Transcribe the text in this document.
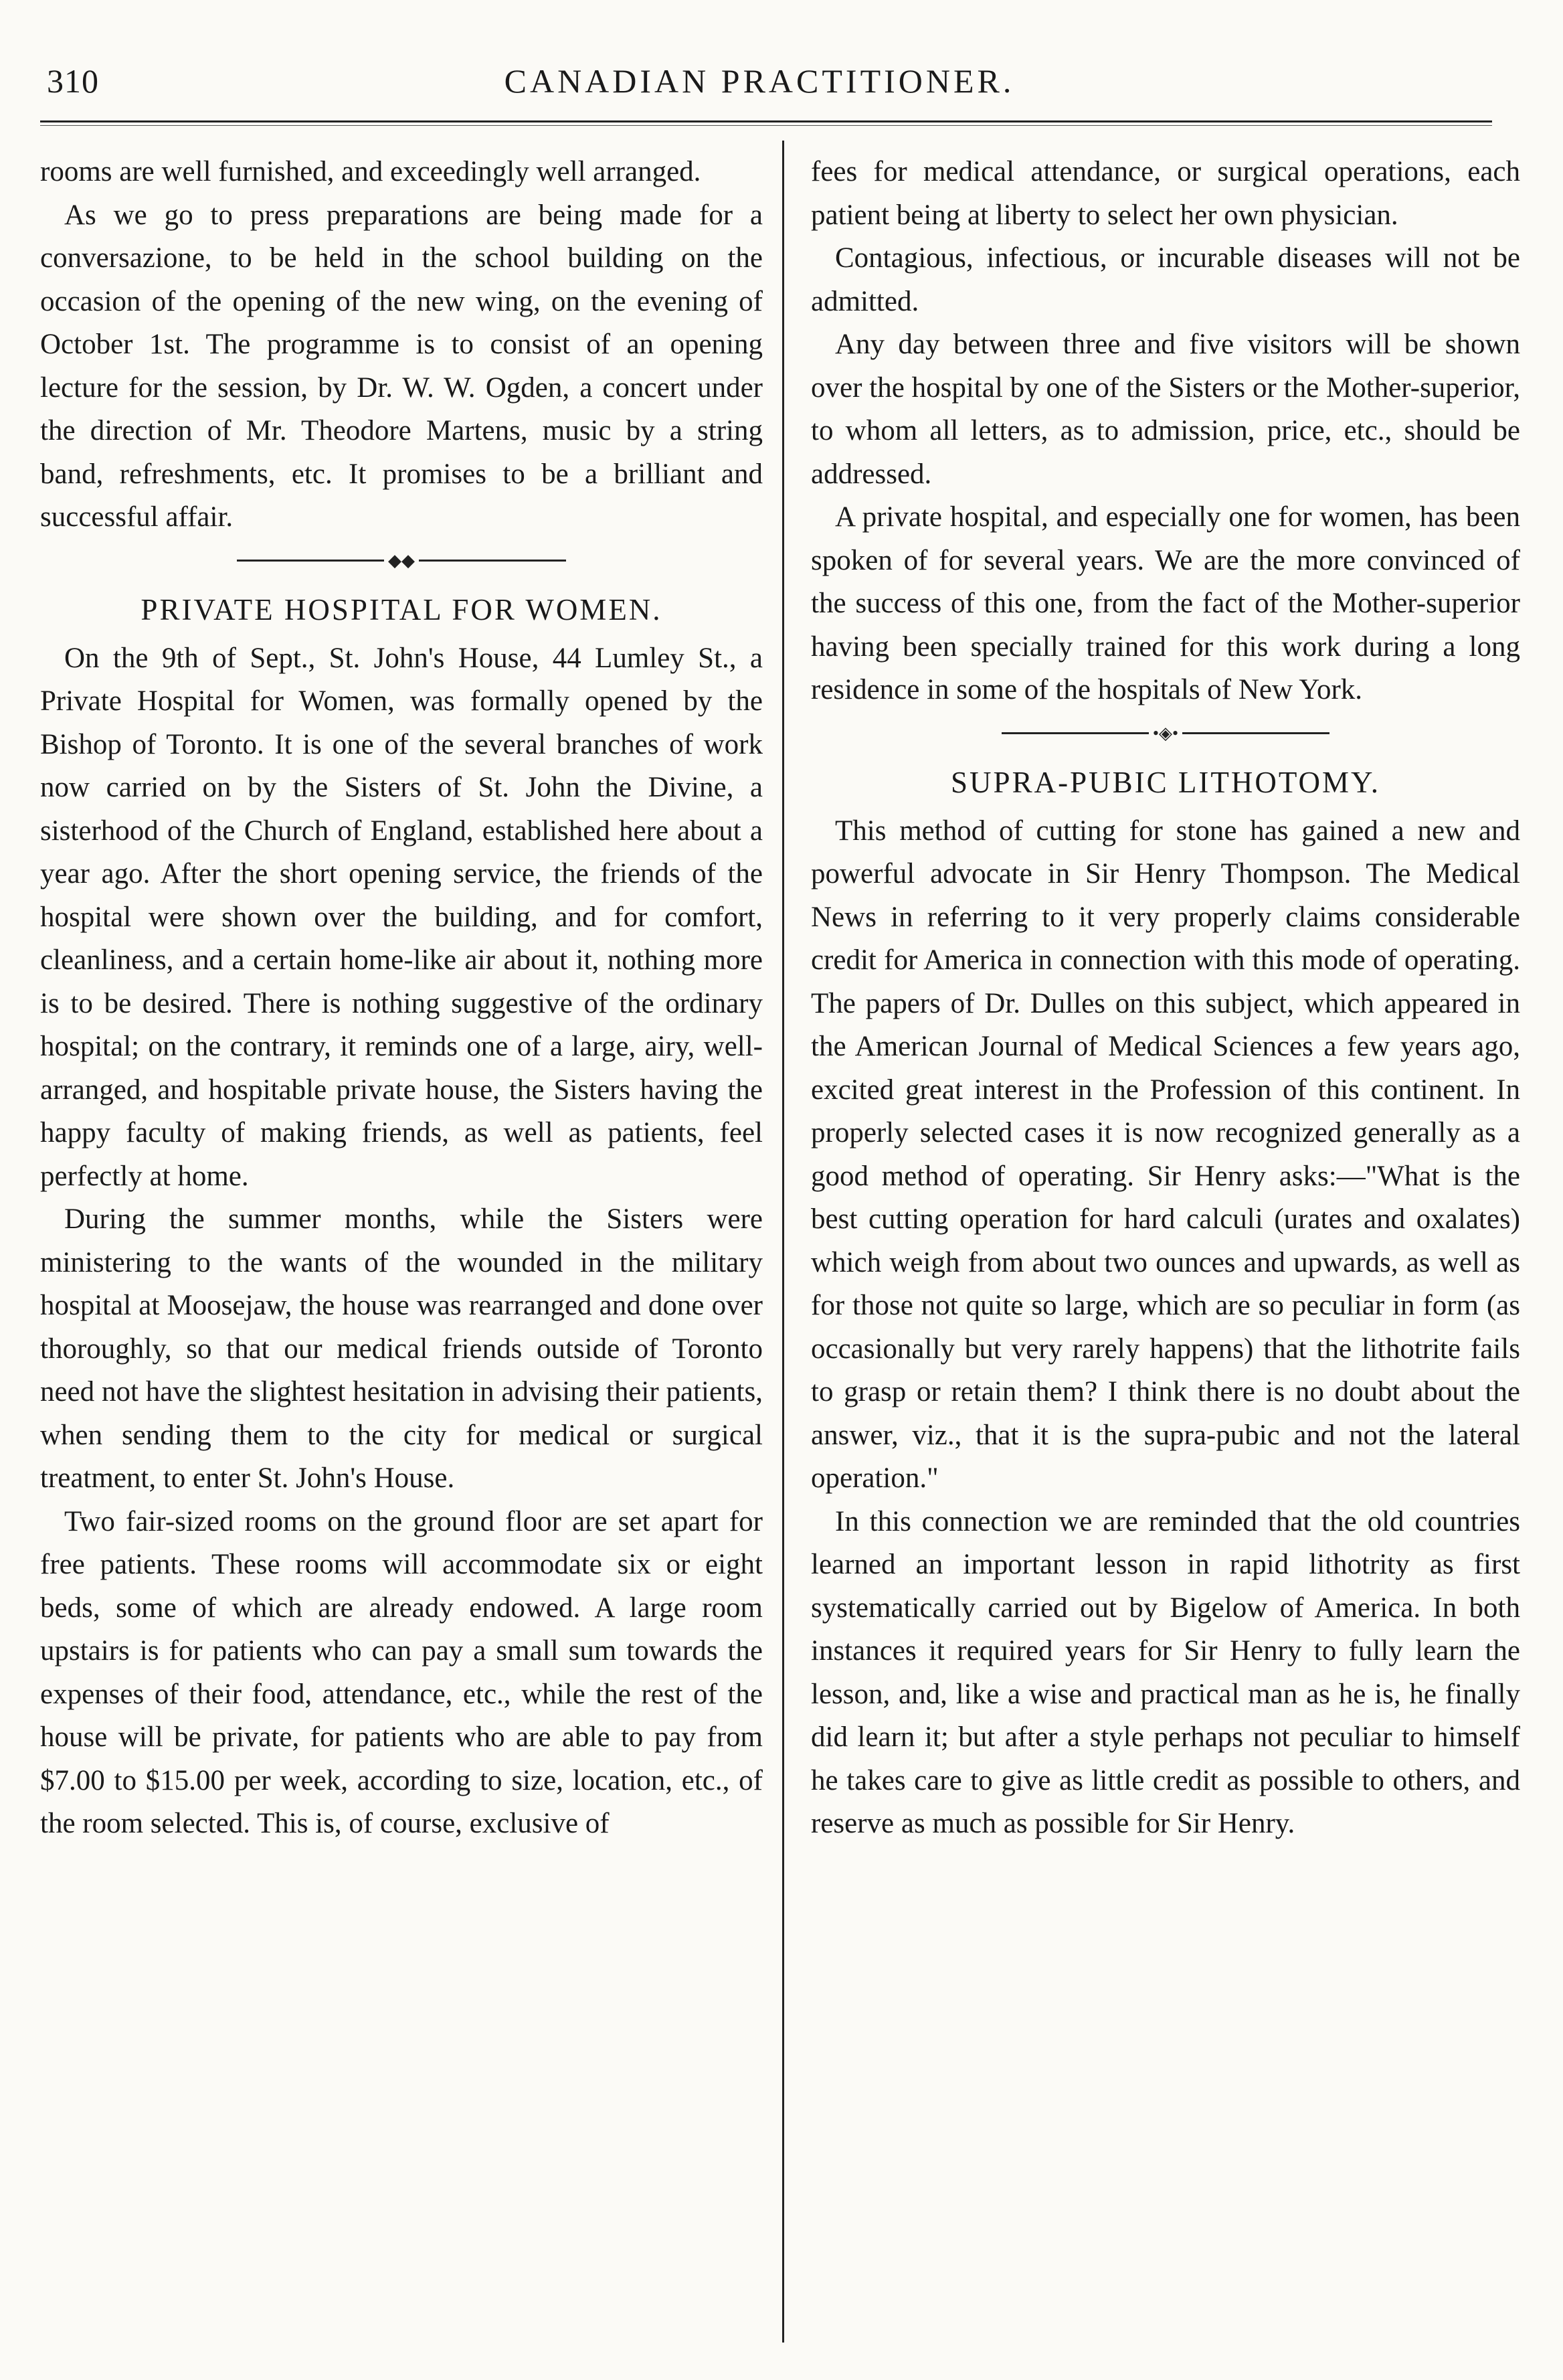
310	CANADIAN PRACTITIONER.

rooms are well furnished, and exceedingly well arranged.

As we go to press preparations are being made for a conversazione, to be held in the school building on the occasion of the opening of the new wing, on the evening of October 1st. The programme is to consist of an opening lecture for the session, by Dr. W. W. Ogden, a concert under the direction of Mr. Theodore Martens, music by a string band, refreshments, etc. It promises to be a brilliant and successful affair.

◆◆
PRIVATE HOSPITAL FOR WOMEN.

On the 9th of Sept., St. John's House, 44 Lumley St., a Private Hospital for Women, was formally opened by the Bishop of Toronto. It is one of the several branches of work now carried on by the Sisters of St. John the Divine, a sisterhood of the Church of England, established here about a year ago. After the short opening service, the friends of the hospital were shown over the building, and for comfort, cleanliness, and a certain home-like air about it, nothing more is to be desired. There is nothing suggestive of the ordinary hospital; on the contrary, it reminds one of a large, airy, well-arranged, and hospitable private house, the Sisters having the happy faculty of making friends, as well as patients, feel perfectly at home.

During the summer months, while the Sisters were ministering to the wants of the wounded in the military hospital at Moosejaw, the house was rearranged and done over thoroughly, so that our medical friends outside of Toronto need not have the slightest hesitation in advising their patients, when sending them to the city for medical or surgical treatment, to enter St. John's House.

Two fair-sized rooms on the ground floor are set apart for free patients. These rooms will accommodate six or eight beds, some of which are already endowed. A large room upstairs is for patients who can pay a small sum towards the expenses of their food, attendance, etc., while the rest of the house will be private, for patients who are able to pay from $7.00 to $15.00 per week, according to size, location, etc., of the room selected. This is, of course, exclusive of

fees for medical attendance, or surgical operations, each patient being at liberty to select her own physician.

Contagious, infectious, or incurable diseases will not be admitted.

Any day between three and five visitors will be shown over the hospital by one of the Sisters or the Mother-superior, to whom all letters, as to admission, price, etc., should be addressed.

A private hospital, and especially one for women, has been spoken of for several years. We are the more convinced of the success of this one, from the fact of the Mother-superior having been specially trained for this work during a long residence in some of the hospitals of New York.

•◈•
SUPRA-PUBIC LITHOTOMY.

This method of cutting for stone has gained a new and powerful advocate in Sir Henry Thompson. The Medical News in referring to it very properly claims considerable credit for America in connection with this mode of operating. The papers of Dr. Dulles on this subject, which appeared in the American Journal of Medical Sciences a few years ago, excited great interest in the Profession of this continent. In properly selected cases it is now recognized generally as a good method of operating. Sir Henry asks:—"What is the best cutting operation for hard calculi (urates and oxalates) which weigh from about two ounces and upwards, as well as for those not quite so large, which are so peculiar in form (as occasionally but very rarely happens) that the lithotrite fails to grasp or retain them? I think there is no doubt about the answer, viz., that it is the supra-pubic and not the lateral operation."

In this connection we are reminded that the old countries learned an important lesson in rapid lithotrity as first systematically carried out by Bigelow of America. In both instances it required years for Sir Henry to fully learn the lesson, and, like a wise and practical man as he is, he finally did learn it; but after a style perhaps not peculiar to himself he takes care to give as little credit as possible to others, and reserve as much as possible for Sir Henry.
